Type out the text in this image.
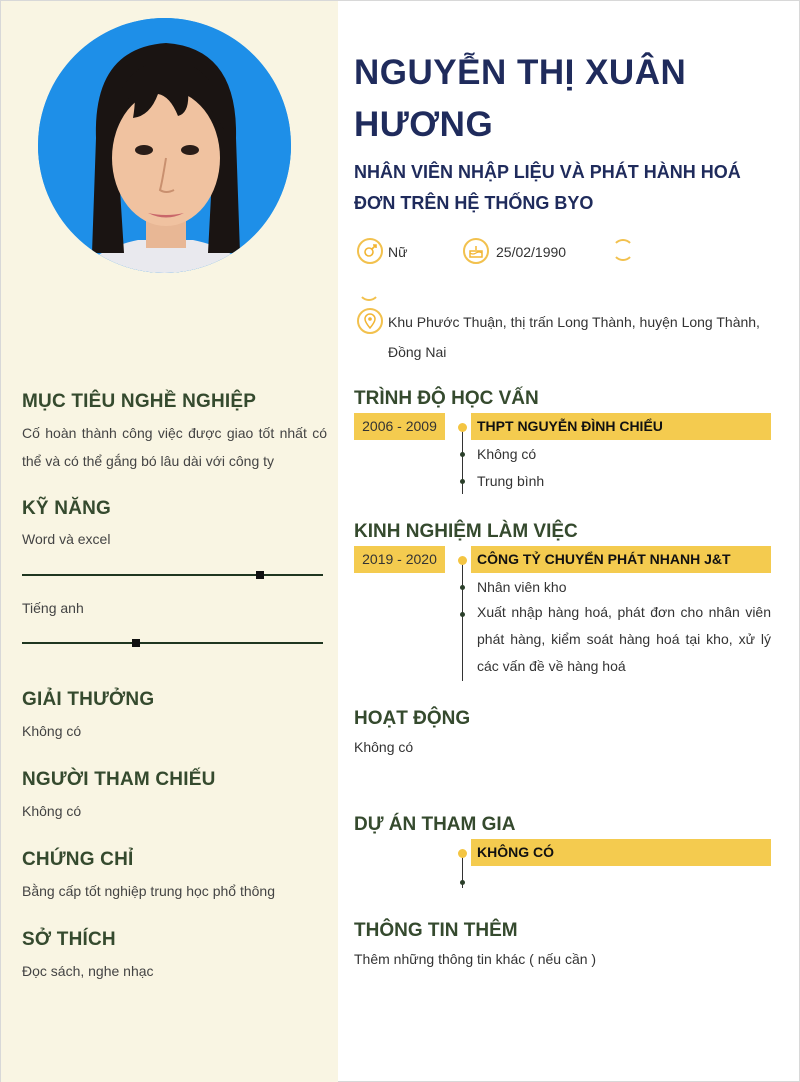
MỤC TIÊU NGHỀ NGHIỆP
Cố hoàn thành công việc được giao tốt nhất có thể và có thể gắng bó lâu dài với công ty
KỸ NĂNG
Word và excel
Tiếng anh
GIẢI THƯỞNG
Không có
NGƯỜI THAM CHIẾU
Không có
CHỨNG CHỈ
Bằng cấp tốt nghiệp trung học phổ thông
SỞ THÍCH
Đọc sách, nghe nhạc
NGUYỄN THỊ XUÂN HƯƠNG
NHÂN VIÊN NHẬP LIỆU VÀ PHÁT HÀNH HOÁ ĐƠN TRÊN HỆ THỐNG BYO
Nữ	25/02/1990
Khu Phước Thuận, thị trấn Long Thành, huyện Long Thành, Đồng Nai
TRÌNH ĐỘ HỌC VẤN
2006 - 2009	THPT NGUYỄN ĐÌNH CHIỂU
Không có
Trung bình
KINH NGHIỆM LÀM VIỆC
2019 - 2020	CÔNG TỶ CHUYỂN PHÁT NHANH J&T
Nhân viên kho
Xuất nhập hàng hoá, phát đơn cho nhân viên phát hàng, kiểm soát hàng hoá tại kho, xử lý các vấn đề về hàng hoá
HOẠT ĐỘNG
Không có
DỰ ÁN THAM GIA
KHÔNG CÓ
THÔNG TIN THÊM
Thêm những thông tin khác ( nếu cần )
